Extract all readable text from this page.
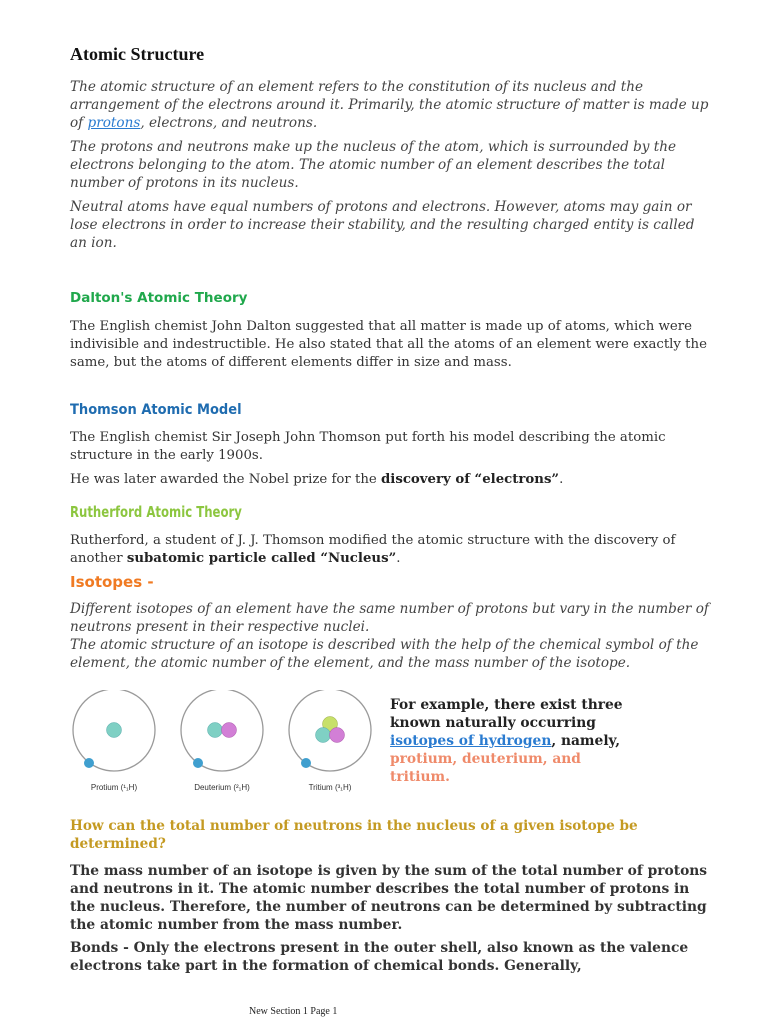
Atomic Structure

The atomic structure of an element refers to the constitution of its nucleus and the arrangement of the electrons around it. Primarily, the atomic structure of matter is made up of protons, electrons, and neutrons.

The protons and neutrons make up the nucleus of the atom, which is surrounded by the electrons belonging to the atom. The atomic number of an element describes the total number of protons in its nucleus.

Neutral atoms have equal numbers of protons and electrons. However, atoms may gain or lose electrons in order to increase their stability, and the resulting charged entity is called an ion.

Dalton's Atomic Theory

The English chemist John Dalton suggested that all matter is made up of atoms, which were indivisible and indestructible. He also stated that all the atoms of an element were exactly the same, but the atoms of different elements differ in size and mass.

Thomson Atomic Model

The English chemist Sir Joseph John Thomson put forth his model describing the atomic structure in the early 1900s.

He was later awarded the Nobel prize for the discovery of “electrons”.

Rutherford Atomic Theory

Rutherford, a student of J. J. Thomson modified the atomic structure with the discovery of another subatomic particle called “Nucleus”.

Isotopes -

Different isotopes of an element have the same number of protons but vary in the number of neutrons present in their respective nuclei.

The atomic structure of an isotope is described with the help of the chemical symbol of the element, the atomic number of the element, and the mass number of the isotope.

Protium (¹₁H)	Deuterium (²₁H)	Tritium (³₁H)

For example, there exist three known naturally occurring isotopes of hydrogen, namely, protium, deuterium, and tritium.

How can the total number of neutrons in the nucleus of a given isotope be determined?

The mass number of an isotope is given by the sum of the total number of protons and neutrons in it. The atomic number describes the total number of protons in the nucleus. Therefore, the number of neutrons can be determined by subtracting the atomic number from the mass number.

Bonds - Only the electrons present in the outer shell, also known as the valence electrons take part in the formation of chemical bonds. Generally,

New Section 1 Page 1
